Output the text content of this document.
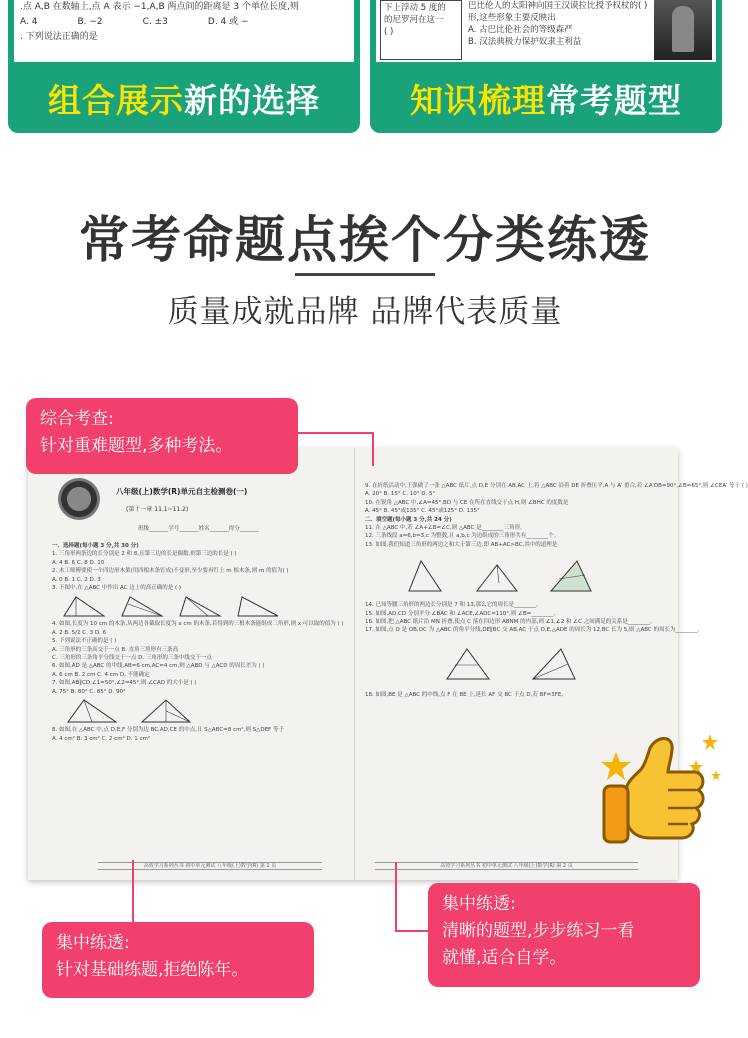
.点 A,B 在数轴上,点 A 表示 −1,A,B 两点间的距离是 3 个单位长度,则
A. 4	B. −2	C. ±3	D. 4 或 −
. 下列说法正确的是
组合展示 新的选择
下上浮动 5 度的
的尼罗河在这一
( )
巴比伦人的太阳神向国王汉谟拉比授予权杖的( )
形,这些形象主要反映出
A. 古巴比伦社会的等级森严
B. 汉法典极力保护奴隶主利益
知识梳理 常考题型
常考命题点挨个分类练透
质量成就品牌 品牌代表质量
八年级(上)数学(R)单元自主检测卷(一)
(第十一章 11.1~11.2)
班级_______学号_______姓名_______得分_______
一、选择题(每小题 3 分,共 30 分)
1. 三角形两条边的长分别是 2 和 8,且第三边的长是偶数,则第三边的长是 ( )
A. 4 B. 6 C. 8 D. 10
2. 木工师傅要使一个四边形木架(用四根木条钉成)不变形,至少要再钉上 m 根木条,则 m 的值为( )
A. 0 B. 1 C. 2 D. 3
3. 下图中,在 △ABC 中作出 AC 边上的高正确的是 ( )
4. 如图,长度为 10 cm 的木条,从两边各截取长度为 x cm 的木条,若得到的三根木条能组成三角形,则 x 可以取的值为 ( )
A. 2 B. 5/2 C. 3 D. 6
5. 下列说法不正确的是 ( )
A. 三角形的三条高交于一点 B. 直角三角形有三条高
C. 三角形的三条角平分线交于一点 D. 三角形的三条中线交于一点
6. 如图,AD 是 △ABC 的中线,AB=6 cm,AC=4 cm,则 △ABD 与 △ACD 的周长差为 ( )
A. 6 cm B. 2 cm C. 4 cm D. 不能确定
7. 如图,AB∥CD,∠1=50°,∠2=45°,则 ∠CAD 的大小是 ( )
A. 75° B. 80° C. 85° D. 90°
8. 如图,在 △ABC 中,点 D,E,F 分别为边 BC,AD,CE 的中点,且 S△ABC=8 cm²,则 S△DEF 等于
A. 4 cm² B. 3 cm² C. 2 cm² D. 1 cm²
高效学习系列丛书 初中单元测试 八年级(上)数学(R) 第 1 页
9. 在折纸活动中,王强做了一张 △ABC 纸片,点 D,E 分别在 AB,AC 上,将 △ABC 沿着 DE 折叠压平,A 与 A′ 重合,若 ∠A′DB=90°,∠B=65°,则 ∠CEA′ 等于 ( )
A. 20° B. 15° C. 10° D. 5°
10. 在锐角 △ABC 中,∠A=45°,BD 与 CE 在所在直线交于点 H,则 ∠BHC 的度数是
A. 45° B. 45°或135° C. 45°或125° D. 135°
二、填空题(每小题 3 分,共 24 分)
11. 在 △ABC 中,若 ∠A+∠B=∠C,则 △ABC 是________三角形。
12. 三条线段 a=6,b=3,c 为整数,且 a,b,c 为边组成的三角形共有________个。
13. 如图,我们知道三角形的两边之和大于第三边,即 AB+AC>BC,其中的道理是
14. 已知等腰三角形的两边长分别是 7 和 13,那么它的周长是________。
15. 如图,AD,CD 分别平分 ∠BAC 和 ∠ACE,∠ADC=110°,则 ∠B=________。
16. 如图,把 △ABC 纸片沿 MN 折叠,使点 C 落在四边形 ABNM 的内部,则 ∠1,∠2 和 ∠C 之间满足的关系是________。
17. 如图,点 O 是 OB,OC 为 △ABC 的角平分线,DE∥BC 交 AB,AC 于点 D,E,△ADE 的周长为 12,BC 长为 5,则 △ABC 的周长为________。
18. 如图,BE 是 △ABC 的中线,点 F 在 BE 上,延长 AF 交 BC 于点 D,若 BF=3FE,
高效学习系列丛书 初中单元测试 八年级(上)数学(R) 第 2 页
综合考查:
针对重难题型,多种考法。
集中练透:
针对基础练题,拒绝陈年。
集中练透:
清晰的题型,步步练习一看
就懂,适合自学。
